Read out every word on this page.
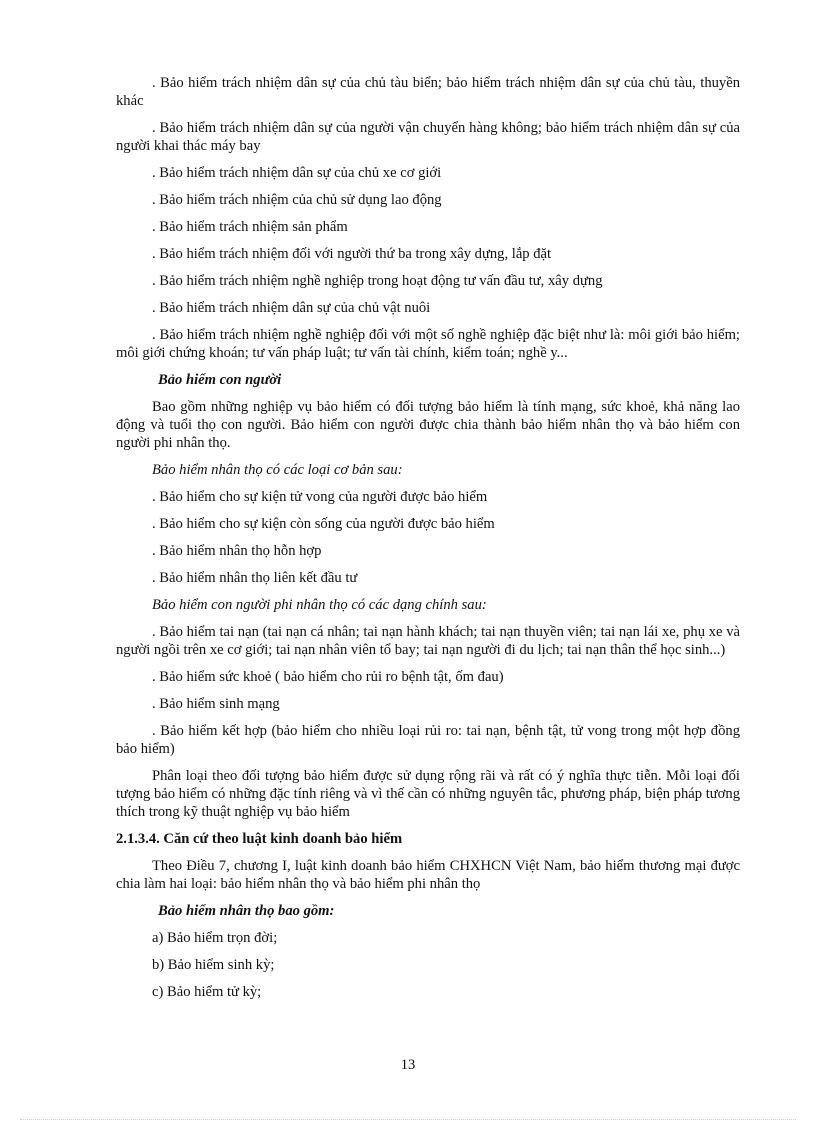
. Bảo hiểm trách nhiệm dân sự của chủ tàu biển; bảo hiểm trách nhiệm dân sự của chủ tàu, thuyền khác

. Bảo hiểm trách nhiệm dân sự của người vận chuyển hàng không; bảo hiểm trách nhiệm dân sự của người khai thác máy bay

. Bảo hiểm trách nhiệm dân sự của chủ xe cơ giới

. Bảo hiểm trách nhiệm của chủ sử dụng lao động

. Bảo hiểm trách nhiệm sản phẩm

. Bảo hiểm trách nhiệm đối với người thứ ba trong xây dựng, lắp đặt

. Bảo hiểm trách nhiệm nghề nghiệp trong hoạt động tư vấn đầu tư, xây dựng

. Bảo hiểm trách nhiệm dân sự của chủ vật nuôi

. Bảo hiểm trách nhiệm nghề nghiệp đối với một số nghề nghiệp đặc biệt như là: môi giới bảo hiểm; môi giới chứng khoán; tư vấn pháp luật; tư vấn tài chính, kiểm toán; nghề y...

Bảo hiểm con người

Bao gồm những nghiệp vụ bảo hiểm có đối tượng bảo hiểm là tính mạng, sức khoẻ, khả năng lao động và tuổi thọ con người. Bảo hiểm con người được chia thành bảo hiểm nhân thọ và bảo hiểm con người phi nhân thọ.

Bảo hiểm nhân thọ có các loại cơ bản sau:

. Bảo hiểm cho sự kiện tử vong của người được bảo hiểm

. Bảo hiểm cho sự kiện còn sống của người được bảo hiểm

. Bảo hiểm nhân thọ hỗn hợp

. Bảo hiểm nhân thọ liên kết đầu tư

Bảo hiểm con người phi nhân thọ có các dạng chính sau:

. Bảo hiểm tai nạn (tai nạn cá nhân; tai nạn hành khách; tai nạn thuyền viên; tai nạn lái xe, phụ xe và người ngồi trên xe cơ giới; tai nạn nhân viên tổ bay; tai nạn người đi du lịch; tai nạn thân thể học sinh...)

. Bảo hiểm sức khoẻ ( bảo hiểm cho rủi ro bệnh tật, ốm đau)

. Bảo hiểm sinh mạng

. Bảo hiểm kết hợp (bảo hiểm cho nhiều loại rủi ro: tai nạn, bệnh tật, tử vong trong một hợp đồng bảo hiểm)

Phân loại theo đối tượng bảo hiểm được sử dụng rộng rãi và rất có ý nghĩa thực tiễn. Mỗi loại đối tượng bảo hiểm có những đặc tính riêng và vì thế cần có những nguyên tắc, phương pháp, biện pháp tương thích trong kỹ thuật nghiệp vụ bảo hiểm

2.1.3.4. Căn cứ theo luật kinh doanh bảo hiểm

Theo Điều 7, chương I, luật kinh doanh bảo hiểm CHXHCN Việt Nam, bảo hiểm thương mại được chia làm hai loại: bảo hiểm nhân thọ và bảo hiểm phi nhân thọ

Bảo hiểm nhân thọ bao gồm:

a) Bảo hiểm trọn đời;

b) Bảo hiểm sinh kỳ;

c) Bảo hiểm tử kỳ;

13
